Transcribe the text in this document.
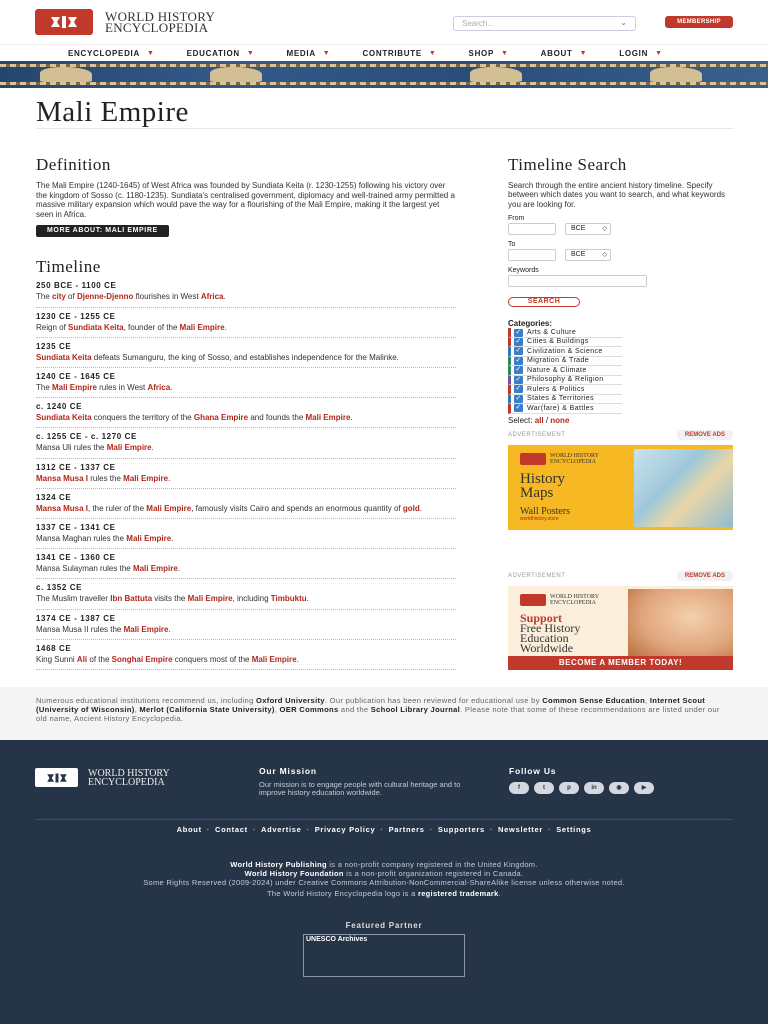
WORLD HISTORY
ENCYCLOPEDIA	Search...	⌄	MEMBERSHIP
ENCYCLOPEDIA ▼	EDUCATION ▼	MEDIA ▼	CONTRIBUTE ▼	SHOP ▼	ABOUT ▼	LOGIN ▼
Mali Empire
Definition

The Mali Empire (1240-1645) of West Africa was founded by Sundiata Keita (r. 1230-1255) following his victory over the kingdom of Sosso (c. 1180-1235). Sundiata's centralised government, diplomacy and well-trained army permitted a massive military expansion which would pave the way for a flourishing of the Mali Empire, making it the largest yet seen in Africa.

MORE ABOUT: MALI EMPIRE
Timeline
250 BCE - 1100 CE
The city of Djenne-Djenno flourishes in West Africa.
1230 CE - 1255 CE
Reign of Sundiata Keita, founder of the Mali Empire.
1235 CE
Sundiata Keita defeats Sumanguru, the king of Sosso, and establishes independence for the Malinke.
1240 CE - 1645 CE
The Mali Empire rules in West Africa.
c. 1240 CE
Sundiata Keita conquers the territory of the Ghana Empire and founds the Mali Empire.
c. 1255 CE - c. 1270 CE
Mansa Uli rules the Mali Empire.
1312 CE - 1337 CE
Mansa Musa I rules the Mali Empire.
1324 CE
Mansa Musa I, the ruler of the Mali Empire, famously visits Cairo and spends an enormous quantity of gold.
1337 CE - 1341 CE
Mansa Maghan rules the Mali Empire.
1341 CE - 1360 CE
Mansa Sulayman rules the Mali Empire.
c. 1352 CE
The Muslim traveller Ibn Battuta visits the Mali Empire, including Timbuktu.
1374 CE - 1387 CE
Mansa Musa II rules the Mali Empire.
1468 CE
King Sunni Ali of the Songhai Empire conquers most of the Mali Empire.
Timeline Search

Search through the entire ancient history timeline. Specify between which dates you want to search, and what keywords you are looking for.

From
BCE ◇
To
BCE ◇
Keywords
SEARCH
Categories:
✓ Arts & Culture
✓ Cities & Buildings
✓ Civilization & Science
✓ Migration & Trade
✓ Nature & Climate
✓ Philosophy & Religion
✓ Rulers & Politics
✓ States & Territories
✓ War(fare) & Battles
Select: all / none
ADVERTISEMENT	REMOVE ADS
WORLD HISTORY
ENCYCLOPEDIA
History
Maps
Wall Posters
worldhistory.store
ADVERTISEMENT	REMOVE ADS
WORLD HISTORY
ENCYCLOPEDIA
Support
Free History
Education
Worldwide
BECOME A MEMBER TODAY!
Numerous educational institutions recommend us, including Oxford University. Our publication has been reviewed for educational use by Common Sense Education, Internet Scout (University of Wisconsin), Merlot (California State University), OER Commons and the School Library Journal. Please note that some of these recommendations are listed under our old name, Ancient History Encyclopedia.
WORLD HISTORY
ENCYCLOPEDIA
Our Mission

Our mission is to engage people with cultural heritage and to improve history education worldwide.

Follow Us
f	t	p	in	◉	▶
About · Contact · Advertise · Privacy Policy · Partners · Supporters · Newsletter · Settings
World History Publishing is a non-profit company registered in the United Kingdom.
World History Foundation is a non-profit organization registered in Canada.
Some Rights Reserved (2009-2024) under Creative Commons Attribution-NonCommercial-ShareAlike license unless otherwise noted.
The World History Encyclopedia logo is a registered trademark.
Featured Partner
UNESCO Archives
